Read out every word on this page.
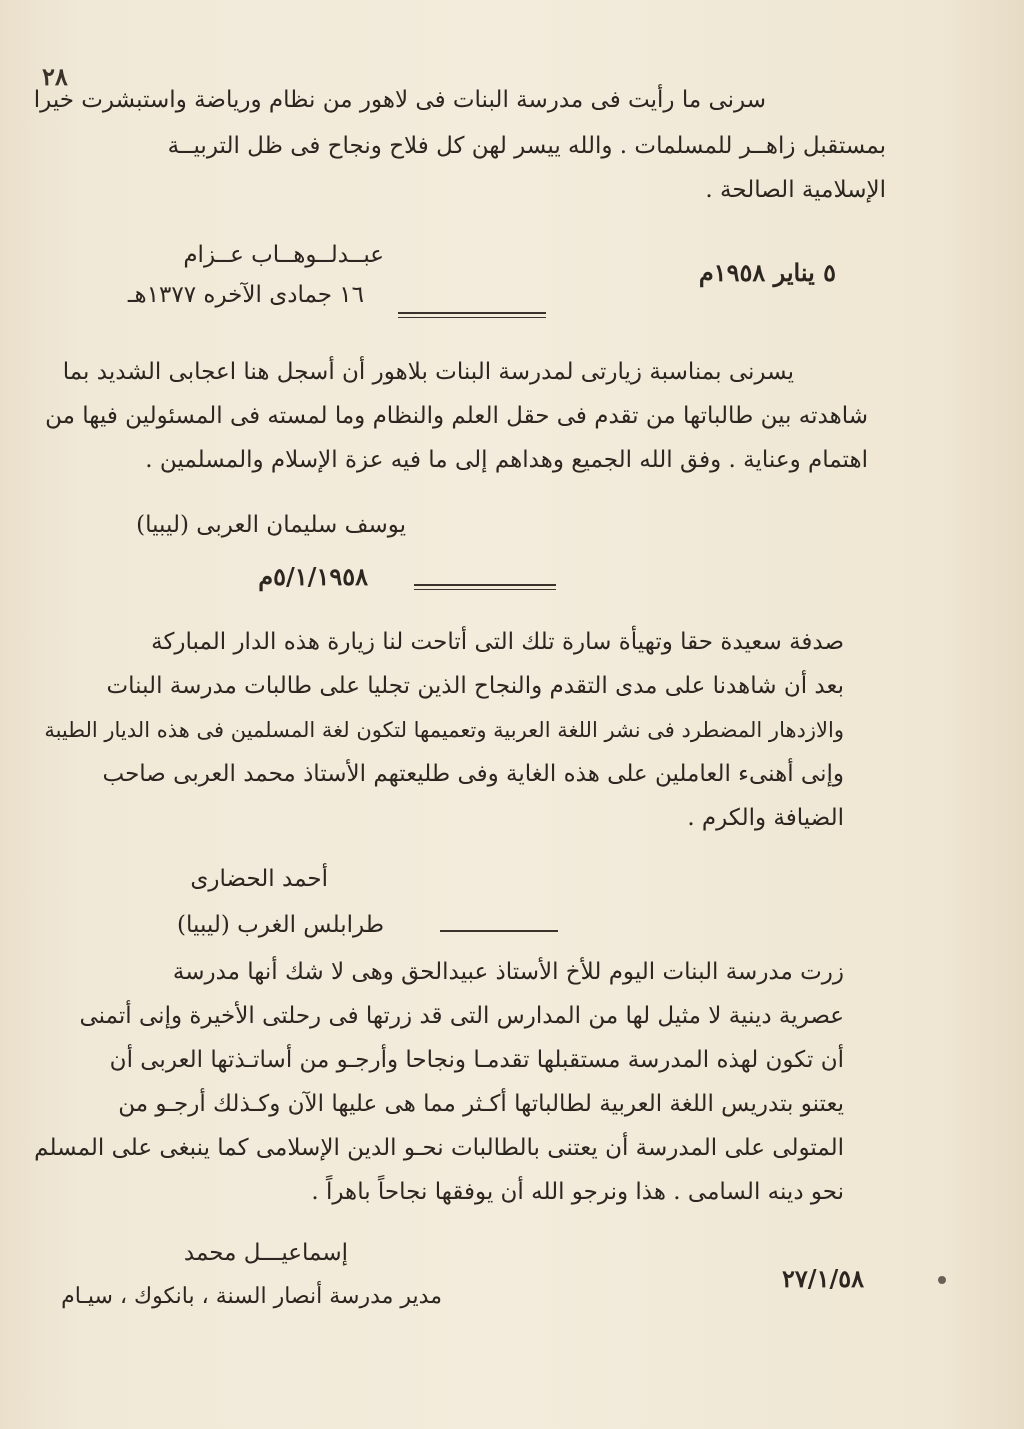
٢٨
سرنى ما رأيت فى مدرسة البنات فى لاهور من نظام ورياضة واستبشرت خيرا
بمستقبل زاهــر للمسلمات . والله ييسر لهن كل فلاح ونجاح فى ظل التربيــة
الإسلامية الصالحة .
عبــدلــوهــاب عــزام
١٦ جمادى الآخره ١٣٧٧هـ
٥ يناير ١٩٥٨م
يسرنى بمناسبة زيارتى لمدرسة البنات بلاهور أن أسجل هنا اعجابى الشديد بما
شاهدته بين طالباتها من تقدم فى حقل العلم والنظام وما لمسته فى المسئولين فيها من
اهتمام وعناية . وفق الله الجميع وهداهم إلى ما فيه عزة الإسلام والمسلمين .
يوسف سليمان العربى (ليبيا)
٥/١/١٩٥٨م
صدفة سعيدة حقا وتهيأة سارة تلك التى أتاحت لنا زيارة هذه الدار المباركة
بعد أن شاهدنا على مدى التقدم والنجاح الذين تجليا على طالبات مدرسة البنات
والازدهار المضطرد فى نشر اللغة العربية وتعميمها لتكون لغة المسلمين فى هذه الديار الطيبة
وإنى أهنىء العاملين على هذه الغاية وفى طليعتهم الأستاذ محمد العربى صاحب
الضيافة والكرم .
أحمد الحضارى
طرابلس الغرب (ليبيا)
زرت مدرسة البنات اليوم للأخ الأستاذ عبيدالحق وهى لا شك أنها مدرسة
عصرية دينية لا مثيل لها من المدارس التى قد زرتها فى رحلتى الأخيرة وإنى أتمنى
أن تكون لهذه المدرسة مستقبلها تقدمـا ونجاحا وأرجـو من أساتـذتها العربى أن
يعتنو بتدريس اللغة العربية لطالباتها أكـثر مما هى عليها الآن وكـذلك أرجـو من
المتولى على المدرسة أن يعتنى بالطالبات نحـو الدين الإسلامى كما ينبغى على المسلم
نحو دينه السامى . هذا ونرجو الله أن يوفقها نجاحاً باهراً .
إسماعيـــل محمد
مدير مدرسة أنصار السنة ، بانكوك ، سيـام
٢٧/١/٥٨
